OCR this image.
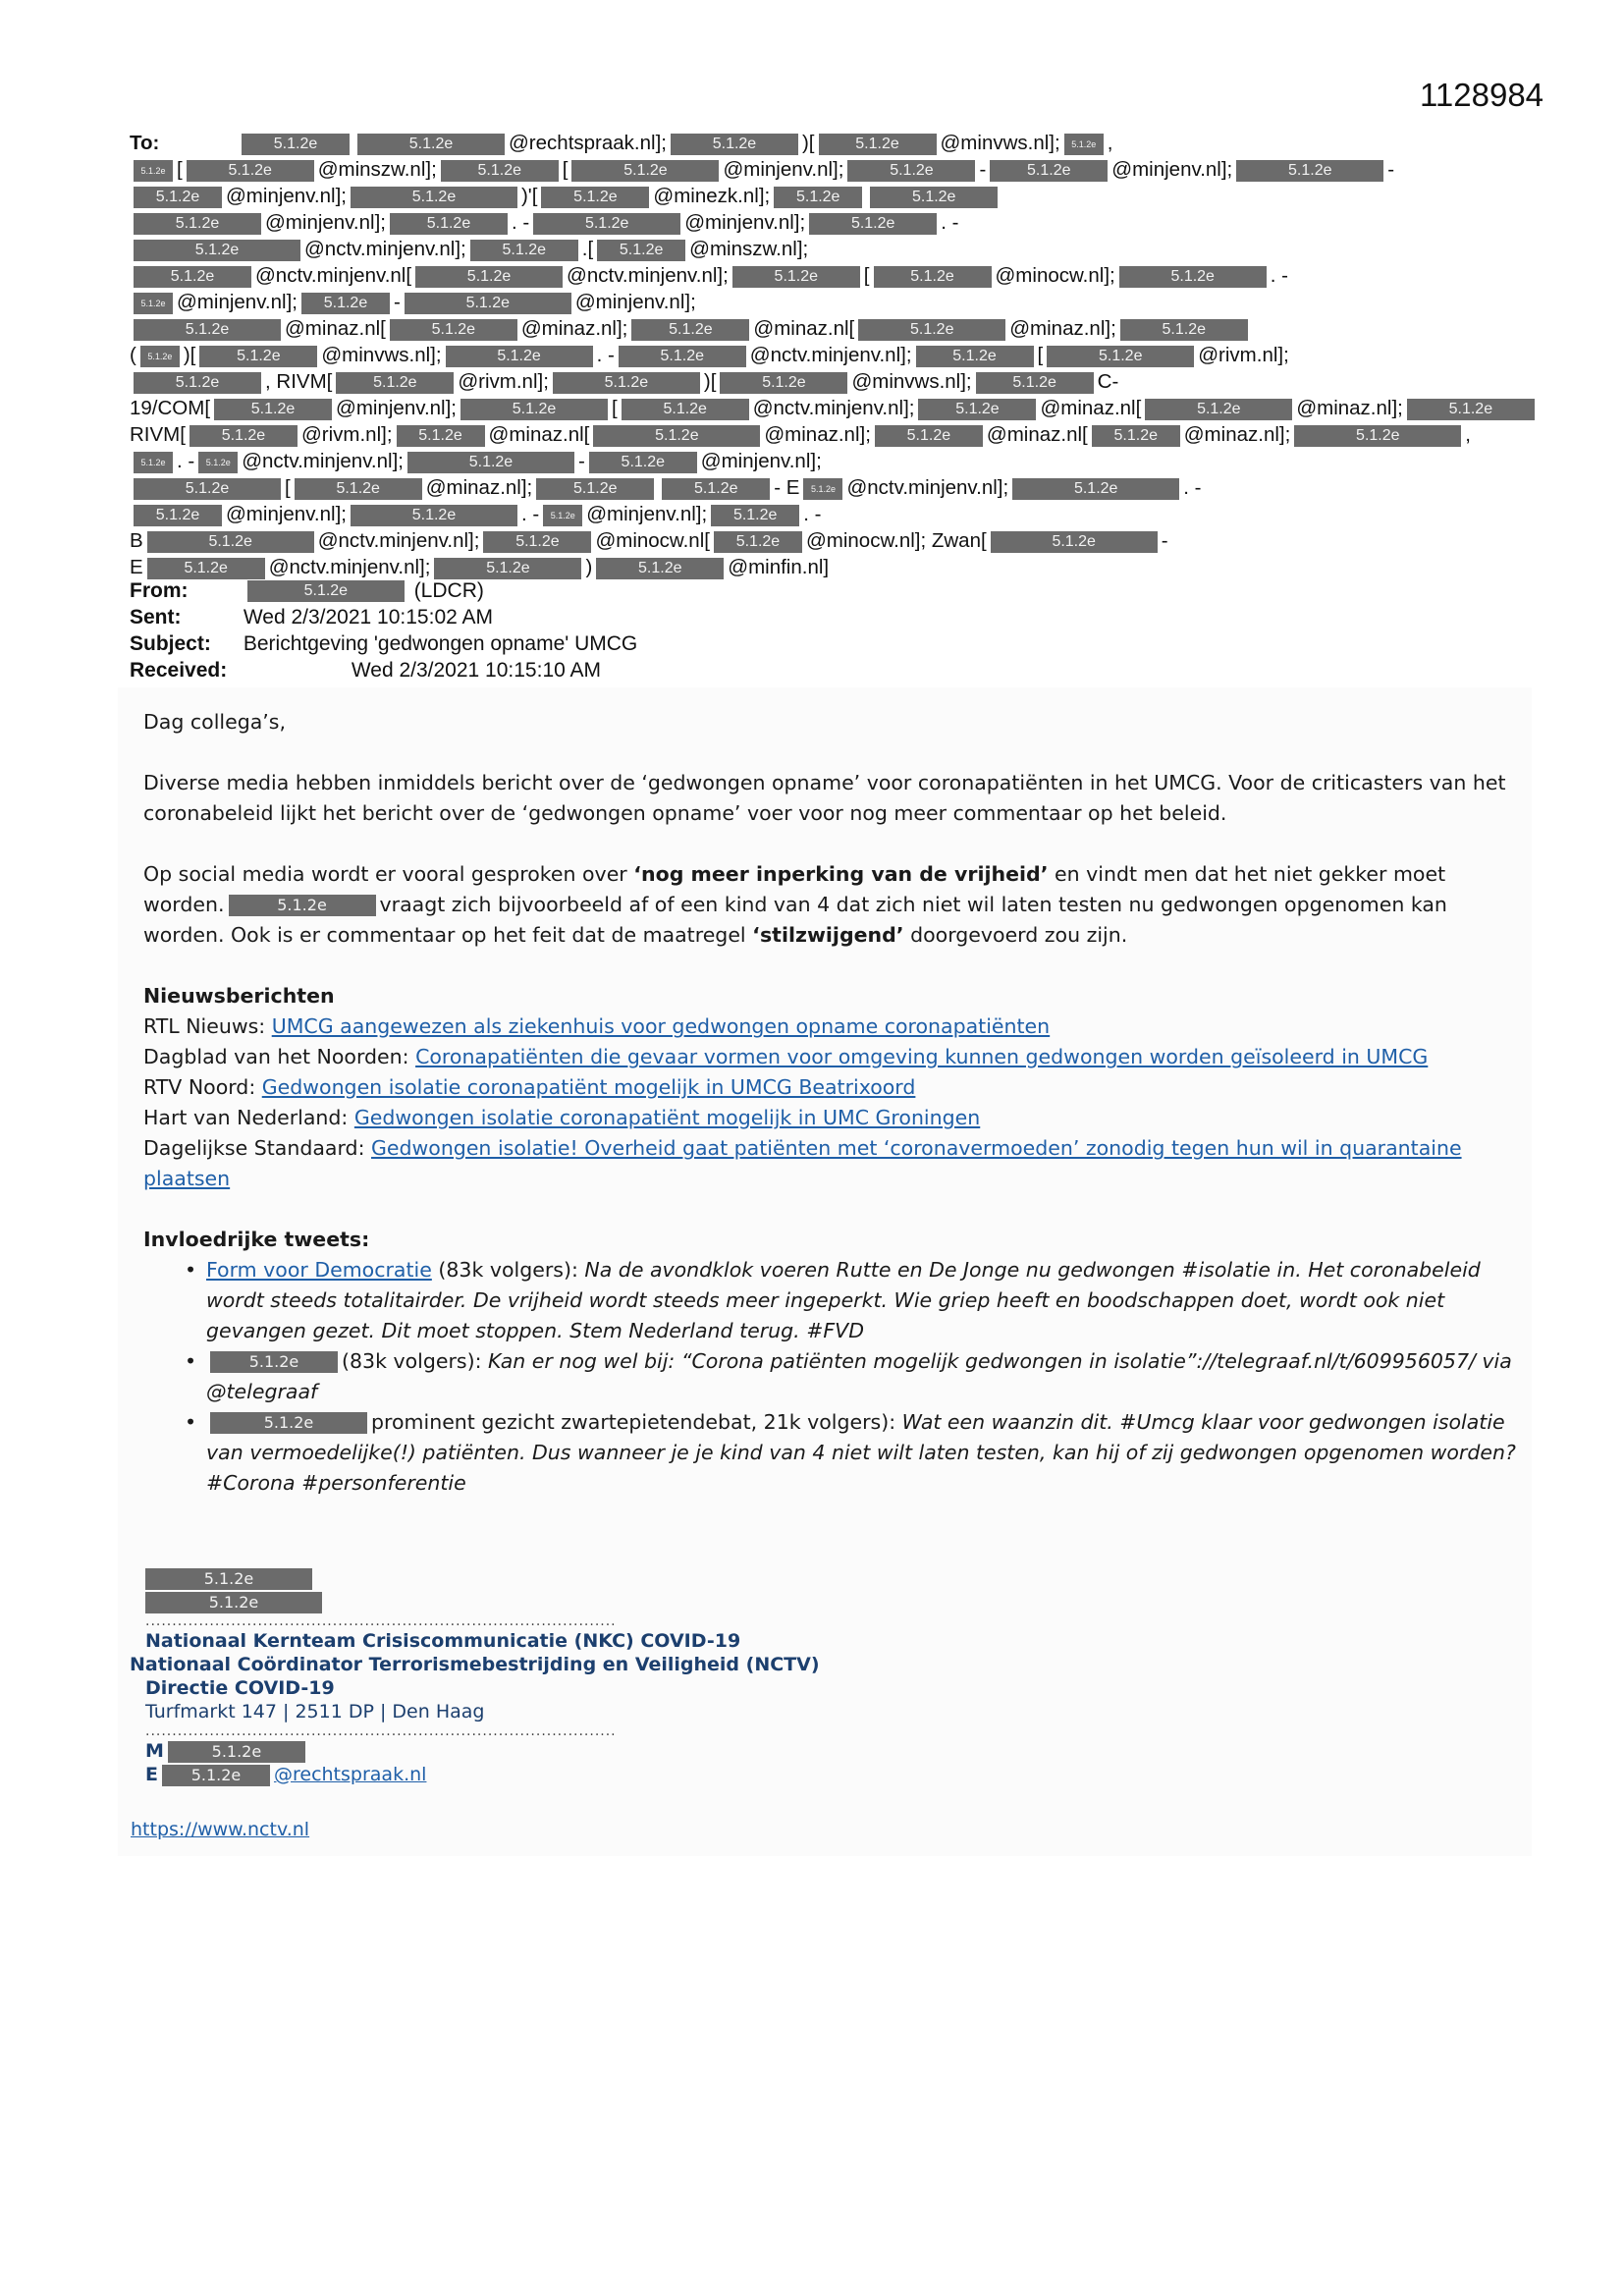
1128984
To:	5.1.2e	5.1.2e	@rechtspraak.nl];	5.1.2e )[	5.1.2e @minvws.nl]; 5.1.2e ,
5.1.2e [	5.1.2e @minszw.nl];	5.1.2e [	5.1.2e	@minjenv.nl];	5.1.2e -	5.1.2e @minjenv.nl];	5.1.2e	-
5.1.2e @minjenv.nl];	5.1.2e	)'[ 5.1.2e @minezk.nl]; 5.1.2e	5.1.2e
5.1.2e @minjenv.nl];	5.1.2e . -	5.1.2e	@minjenv.nl];	5.1.2e . -
5.1.2e	@nctv.minjenv.nl]; 5.1.2e .[ 5.1.2e @minszw.nl];
5.1.2e @nctv.minjenv.nl[	5.1.2e	@nctv.minjenv.nl];	5.1.2e [	5.1.2e @minocw.nl];	5.1.2e	. -
5.1.2e @minjenv.nl]; 5.1.2e -	5.1.2e	@minjenv.nl];
5.1.2e	@minaz.nl[	5.1.2e @minaz.nl];	5.1.2e @minaz.nl[	5.1.2e	@minaz.nl];	5.1.2e
( 5.1.2e )[	5.1.2e @minvws.nl];	5.1.2e	. -	5.1.2e @nctv.minjenv.nl];	5.1.2e [	5.1.2e	@rivm.nl];
5.1.2e , RIVM[	5.1.2e @rivm.nl];	5.1.2e	)[	5.1.2e @minvws.nl];	5.1.2e C-
19/COM[	5.1.2e @minjenv.nl];	5.1.2e	[	5.1.2e @nctv.minjenv.nl];	5.1.2e @minaz.nl[	5.1.2e	@minaz.nl];	5.1.2e
RIVM[ 5.1.2e @rivm.nl]; 5.1.2e @minaz.nl[	5.1.2e	@minaz.nl]; 5.1.2e @minaz.nl[ 5.1.2e @minaz.nl];	5.1.2e	,
5.1.2e . - 5.1.2e @nctv.minjenv.nl];	5.1.2e	- 5.1.2e @minjenv.nl];
5.1.2e	[	5.1.2e @minaz.nl];	5.1.2e	5.1.2e - E 5.1.2e @nctv.minjenv.nl];	5.1.2e	. -
5.1.2e @minjenv.nl];	5.1.2e	. - 5.1.2e @minjenv.nl]; 5.1.2e . -
B	5.1.2e	@nctv.minjenv.nl]; 5.1.2e @minocw.nl[ 5.1.2e @minocw.nl]; Zwan[	5.1.2e	-
E	5.1.2e @nctv.minjenv.nl];	5.1.2e	)	5.1.2e @minfin.nl]
From:	5.1.2e	(LDCR)
Sent:	Wed 2/3/2021 10:15:02 AM
Subject: Berichtgeving 'gedwongen opname' UMCG
Received:	Wed 2/3/2021 10:15:10 AM

Dag collega’s,

Diverse media hebben inmiddels bericht over de ‘gedwongen opname’ voor coronapatiënten in het UMCG. Voor de criticasters van het coronabeleid lijkt het bericht over de ‘gedwongen opname’ voer voor nog meer commentaar op het beleid.

Op social media wordt er vooral gesproken over ‘nog meer inperking van de vrijheid’ en vindt men dat het niet gekker moet worden.	5.1.2e	vraagt zich bijvoorbeeld af of een kind van 4 dat zich niet wil laten testen nu gedwongen opgenomen kan worden. Ook is er commentaar op het feit dat de maatregel ‘stilzwijgend’ doorgevoerd zou zijn.

Nieuwsberichten
RTL Nieuws: UMCG aangewezen als ziekenhuis voor gedwongen opname coronapatiënten
Dagblad van het Noorden: Coronapatiënten die gevaar vormen voor omgeving kunnen gedwongen worden geïsoleerd in UMCG
RTV Noord: Gedwongen isolatie coronapatiënt mogelijk in UMCG Beatrixoord
Hart van Nederland: Gedwongen isolatie coronapatiënt mogelijk in UMC Groningen
Dagelijkse Standaard: Gedwongen isolatie! Overheid gaat patiënten met ‘coronavermoeden’ zonodig tegen hun wil in quarantaine plaatsen
Invloedrijke tweets:
• Form voor Democratie (83k volgers): Na de avondklok voeren Rutte en De Jonge nu gedwongen #isolatie in. Het coronabeleid wordt steeds totalitairder. De vrijheid wordt steeds meer ingeperkt. Wie griep heeft en boodschappen doet, wordt ook niet gevangen gezet. Dit moet stoppen. Stem Nederland terug. #FVD
• 5.1.2e (83k volgers): Kan er nog wel bij: “Corona patiënten mogelijk gedwongen in isolatie”://telegraaf.nl/t/609956057/ via @telegraaf
• 5.1.2e	prominent gezicht zwartepietendebat, 21k volgers): Wat een waanzin dit. #Umcg klaar voor gedwongen isolatie van vermoedelijke(!) patiënten. Dus wanneer je je kind van 4 niet wilt laten testen, kan hij of zij gedwongen opgenomen worden? #Corona #personferentie
5.1.2e
5.1.2e
........................................................................................
Nationaal Kernteam Crisiscommunicatie (NKC) COVID-19
Nationaal Coördinator Terrorismebestrijding en Veiligheid (NCTV)
Directie COVID-19
Turfmarkt 147 | 2511 DP | Den Haag
........................................................................................
M	5.1.2e
E 5.1.2e @rechtspraak.nl
https://www.nctv.nl
